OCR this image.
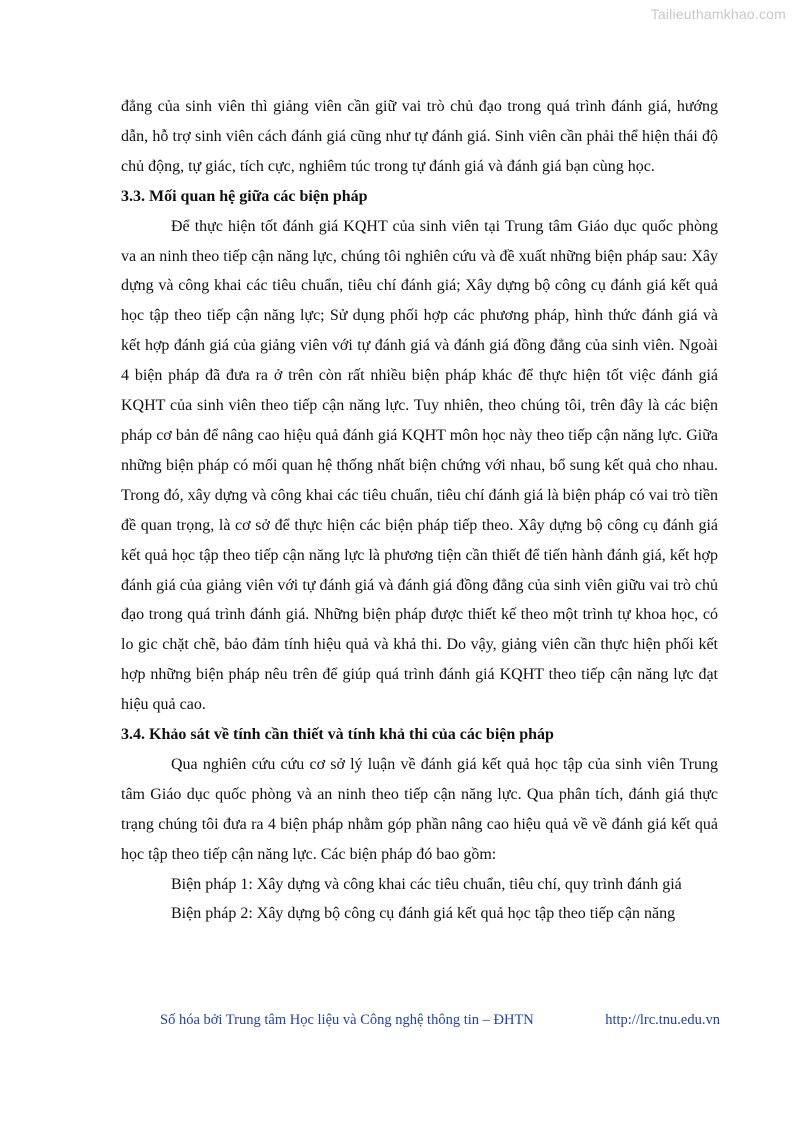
Tailieuthamkhao.com

đẳng của sinh viên thì giảng viên cần giữ vai trò chủ đạo trong quá trình đánh giá, hướng dẫn, hỗ trợ sinh viên cách đánh giá cũng như tự đánh giá. Sinh viên cần phải thể hiện thái độ chủ động, tự giác, tích cực, nghiêm túc trong tự đánh giá và đánh giá bạn cùng học.

3.3. Mối quan hệ giữa các biện pháp

Để thực hiện tốt đánh giá KQHT của sinh viên tại Trung tâm Giáo dục quốc phòng va an ninh theo tiếp cận năng lực, chúng tôi nghiên cứu và đề xuất những biện pháp sau: Xây dựng và công khai các tiêu chuẩn, tiêu chí đánh giá; Xây dựng bộ công cụ đánh giá kết quả học tập theo tiếp cận năng lực; Sử dụng phối hợp các phương pháp, hình thức đánh giá và kết hợp đánh giá của giảng viên với tự đánh giá và đánh giá đồng đẳng của sinh viên. Ngoài 4 biện pháp đã đưa ra ở trên còn rất nhiều biện pháp khác để thực hiện tốt việc đánh giá KQHT của sinh viên theo tiếp cận năng lực. Tuy nhiên, theo chúng tôi, trên đây là các biện pháp cơ bản để nâng cao hiệu quả đánh giá KQHT môn học này theo tiếp cận năng lực. Giữa những biện pháp có mối quan hệ thống nhất biện chứng với nhau, bổ sung kết quả cho nhau. Trong đó, xây dựng và công khai các tiêu chuẩn, tiêu chí đánh giá là biện pháp có vai trò tiền đề quan trọng, là cơ sở để thực hiện các biện pháp tiếp theo. Xây dựng bộ công cụ đánh giá kết quả học tập theo tiếp cận năng lực là phương tiện cần thiết để tiến hành đánh giá, kết hợp đánh giá của giảng viên với tự đánh giá và đánh giá đồng đẳng của sinh viên giữu vai trò chủ đạo trong quá trình đánh giá. Những biện pháp được thiết kế theo một trình tự khoa học, có lo gic chặt chẽ, bảo đảm tính hiệu quả và khả thi. Do vậy, giảng viên cần thực hiện phối kết hợp những biện pháp nêu trên để giúp quá trình đánh giá KQHT theo tiếp cận năng lực đạt hiệu quả cao.

3.4. Khảo sát về tính cần thiết và tính khả thi của các biện pháp

Qua nghiên cứu cứu cơ sở lý luận về đánh giá kết quả học tập của sinh viên Trung tâm Giáo dục quốc phòng và an ninh theo tiếp cận năng lực. Qua phân tích, đánh giá thực trạng chúng tôi đưa ra 4 biện pháp nhằm góp phần nâng cao hiệu quả về về đánh giá kết quả học tập theo tiếp cận năng lực. Các biện pháp đó bao gồm:

Biện pháp 1: Xây dựng và công khai các tiêu chuẩn, tiêu chí, quy trình đánh giá

Biện pháp 2: Xây dựng bộ công cụ đánh giá kết quả học tập theo tiếp cận năng

Số hóa bởi Trung tâm Học liệu và Công nghệ thông tin – ĐHTN	http://lrc.tnu.edu.vn
